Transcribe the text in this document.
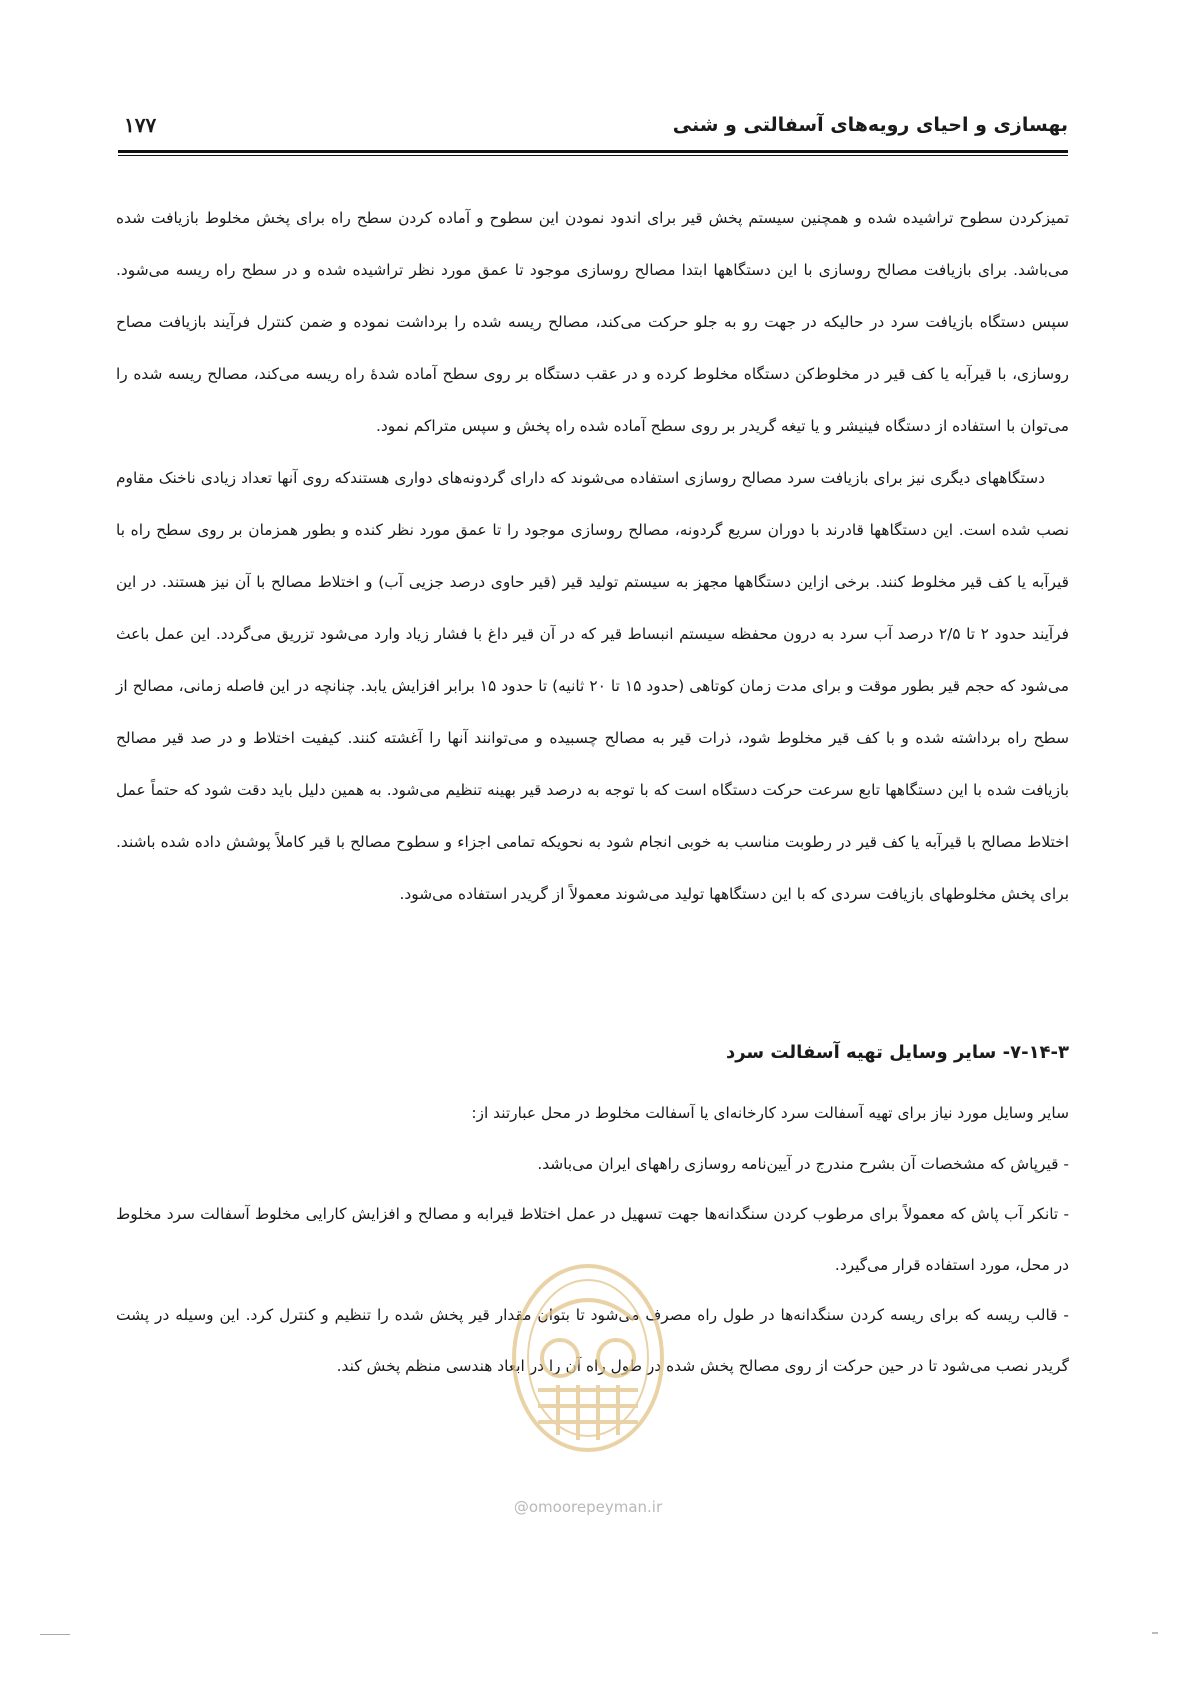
۱۷۷	بهسازی و احیای رویه‌های آسفالتی و شنی

تمیزکردن سطوح تراشیده شده و همچنین سیستم پخش قیر برای اندود نمودن این سطوح و آماده کردن سطح راه برای پخش مخلوط بازیافت شده می‌باشد. برای بازیافت مصالح روسازی با این دستگاهها ابتدا مصالح روسازی موجود تا عمق مورد نظر تراشیده شده و در سطح راه ریسه می‌شود. سپس دستگاه بازیافت سرد در حالیکه در جهت رو به جلو حرکت می‌کند، مصالح ریسه شده را برداشت نموده و ضمن کنترل فرآیند بازیافت مصاح روسازی، با قیرآبه یا کف قیر در مخلوط‌کن دستگاه مخلوط کرده و در عقب دستگاه بر روی سطح آماده شدهٔ راه ریسه می‌کند، مصالح ریسه شده را می‌توان با استفاده از دستگاه فینیشر و یا تیغه گریدر بر روی سطح آماده شده راه پخش و سپس متراکم نمود.

دستگاههای دیگری نیز برای بازیافت سرد مصالح روسازی استفاده می‌شوند که دارای گردونه‌های دواری هستندکه روی آنها تعداد زیادی ناخنک مقاوم نصب شده است. این دستگاهها قادرند با دوران سریع گردونه، مصالح روسازی موجود را تا عمق مورد نظر کنده و بطور همزمان بر روی سطح راه با قیرآبه یا کف قیر مخلوط کنند. برخی ازاین دستگاهها مجهز به سیستم تولید قیر (قیر حاوی درصد جزیی آب) و اختلاط مصالح با آن نیز هستند. در این فرآیند حدود ۲ تا ۲/۵ درصد آب سرد به درون محفظه سیستم انبساط قیر که در آن قیر داغ با فشار زیاد وارد می‌شود تزریق می‌گردد. این عمل باعث می‌شود که حجم قیر بطور موقت و برای مدت زمان کوتاهی (حدود ۱۵ تا ۲۰ ثانیه) تا حدود ۱۵ برابر افزایش یابد. چنانچه در این فاصله زمانی، مصالح از سطح راه برداشته شده و با کف قیر مخلوط شود، ذرات قیر به مصالح چسبیده و می‌توانند آنها را آغشته کنند. کیفیت اختلاط و در صد قیر مصالح بازیافت شده با این دستگاهها تابع سرعت حرکت دستگاه است که با توجه به درصد قیر بهینه تنظیم می‌شود. به همین دلیل باید دقت شود که حتماً عمل اختلاط مصالح با قیرآبه یا کف قیر در رطوبت مناسب به خوبی انجام شود به نحویکه تمامی اجزاء و سطوح مصالح با قیر کاملاً پوشش داده شده باشند. برای پخش مخلوطهای بازیافت سردی که با این دستگاهها تولید می‌شوند معمولاً از گریدر استفاده می‌شود.

۷-۱۴-۳- سایر وسایل تهیه آسفالت سرد

سایر وسایل مورد نیاز برای تهیه آسفالت سرد کارخانه‌ای یا آسفالت مخلوط در محل عبارتند از:

- قیرپاش که مشخصات آن بشرح مندرج در آیین‌نامه روسازی راههای ایران می‌باشد.

- تانکر آب پاش که معمولاً برای مرطوب کردن سنگدانه‌ها جهت تسهیل در عمل اختلاط قیرابه و مصالح و افزایش کارایی مخلوط آسفالت سرد مخلوط در محل، مورد استفاده قرار می‌گیرد.

- قالب ریسه که برای ریسه کردن سنگدانه‌ها در طول راه مصرف می‌شود تا بتوان مقدار قیر پخش شده را تنظیم و کنترل کرد. این وسیله در پشت گریدر نصب می‌شود تا در حین حرکت از روی مصالح پخش شده در طول راه آن را در ابعاد هندسی منظم پخش کند.

@omoorepeyman.ir
